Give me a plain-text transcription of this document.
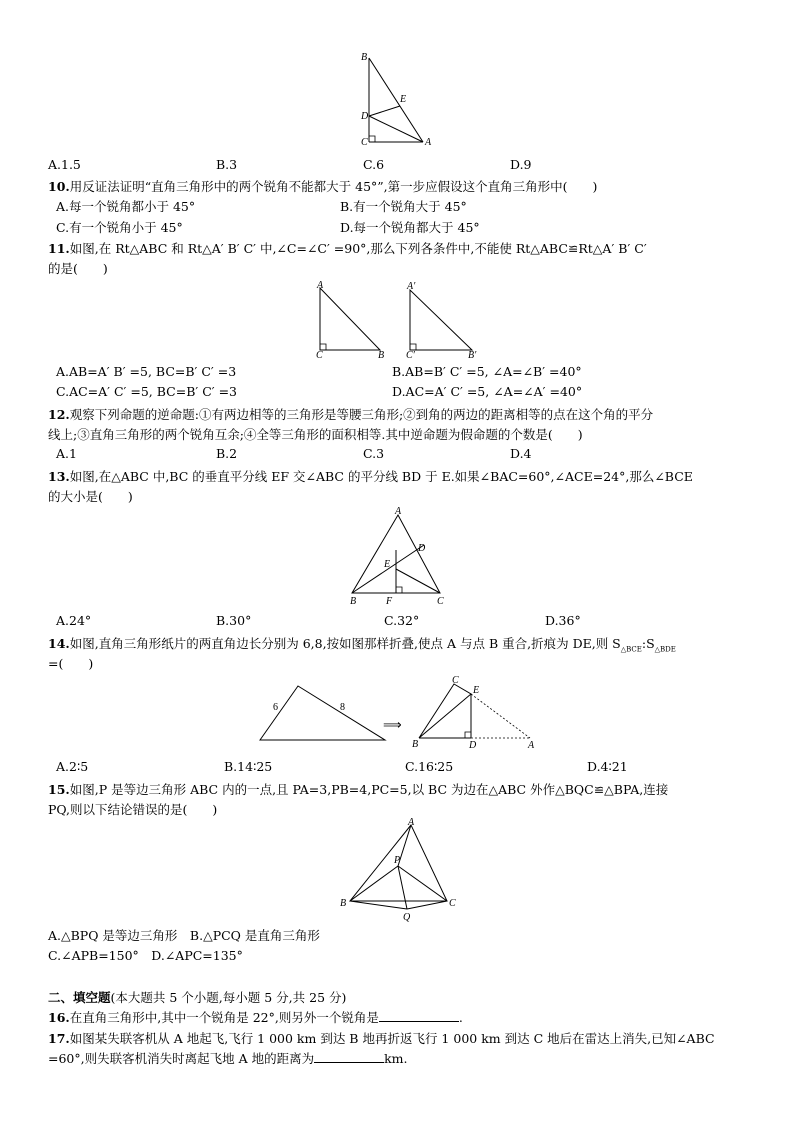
B
D
E
C	A
A.1.5	B.3	C.6	D.9
10.用反证法证明“直角三角形中的两个锐角不能都大于 45°”,第一步应假设这个直角三角形中(　　)
A.每一个锐角都小于 45°	B.有一个锐角大于 45°
C.有一个锐角小于 45°	D.每一个锐角都大于 45°
11.如图,在 Rt△ABC 和 Rt△A′ B′ C′ 中,∠C=∠C′ =90°,那么下列各条件中,不能使 Rt△ABC≌Rt△A′ B′ C′
的是(　　)
A
C	B
A′
C′	B′
A.AB=A′ B′ =5, BC=B′ C′ =3	B.AB=B′ C′ =5, ∠A=∠B′ =40°
C.AC=A′ C′ =5, BC=B′ C′ =3	D.AC=A′ C′ =5, ∠A=∠A′ =40°
12.观察下列命题的逆命题:①有两边相等的三角形是等腰三角形;②到角的两边的距离相等的点在这个角的平分
线上;③直角三角形的两个锐角互余;④全等三角形的面积相等.其中逆命题为假命题的个数是(　　)
A.1	B.2	C.3	D.4
13.如图,在△ABC 中,BC 的垂直平分线 EF 交∠ABC 的平分线 BD 于 E.如果∠BAC=60°,∠ACE=24°,那么∠BCE
的大小是(　　)
A
D
E
B	F	C
A.24°	B.30°	C.32°	D.36°
14.如图,直角三角形纸片的两直角边长分别为 6,8,按如图那样折叠,使点 A 与点 B 重合,折痕为 DE,则 $S_{\triangle BCE}:S_{\triangle BDE}$
=(　　)
6	8
⟹
C
E
B	D	A
A.2∶5	B.14∶25	C.16∶25	D.4∶21
15.如图,P 是等边三角形 ABC 内的一点,且 PA=3,PB=4,PC=5,以 BC 为边在△ABC 外作△BQC≌△BPA,连接
PQ,则以下结论错误的是(　　)
A
P
B	C
Q
A.△BPQ 是等边三角形　B.△PCQ 是直角三角形
C.∠APB=150°　D.∠APC=135°
二、填空题(本大题共 5 个小题,每小题 5 分,共 25 分)
16.在直角三角形中,其中一个锐角是 22°,则另外一个锐角是	.
17.如图某失联客机从 A 地起飞,飞行 1 000 km 到达 B 地再折返飞行 1 000 km 到达 C 地后在雷达上消失,已知∠ABC
=60°,则失联客机消失时离起飞地 A 地的距离为	km.
